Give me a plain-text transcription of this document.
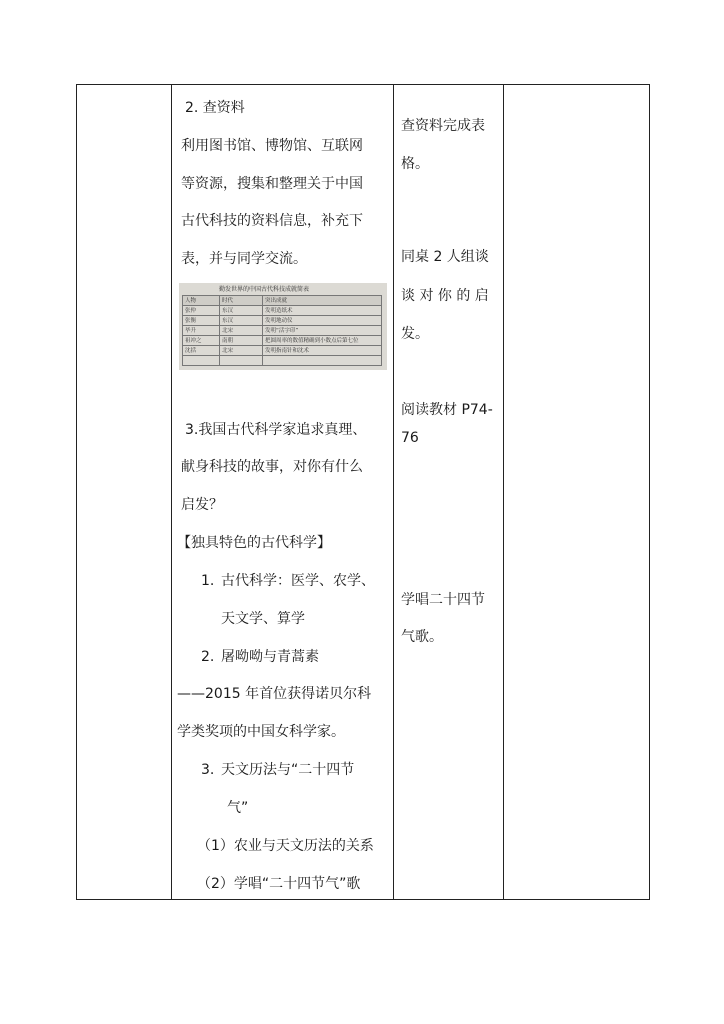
2. 查资料
利用图书馆、博物馆、互联网
等资源，搜集和整理关于中国
古代科技的资料信息，补充下
表，并与同学交流。
勤发世界的中国古代科技成就简表
人物	时代	突出成就
张仲	东汉	发明造纸术
张衡	东汉	发明地动仪
毕升	北宋	发明“活字印”
祖冲之	南朝	把圆周率的数值精确到小数点后第七位
沈括	北宋	发明指南针和沈术

3.我国古代科学家追求真理、
献身科技的故事，对你有什么
启发？
【独具特色的古代科学】
1. 古代科学：医学、农学、
天文学、算学
2. 屠呦呦与青蒿素
——2015 年首位获得诺贝尔科
学类奖项的中国女科学家。
3. 天文历法与“二十四节
气”
（1）农业与天文历法的关系
（2）学唱“二十四节气”歌
查资料完成表
格。
同桌 2 人组谈
谈 对 你 的 启
发。
阅读教材 P74-
76
学唱二十四节
气歌。
